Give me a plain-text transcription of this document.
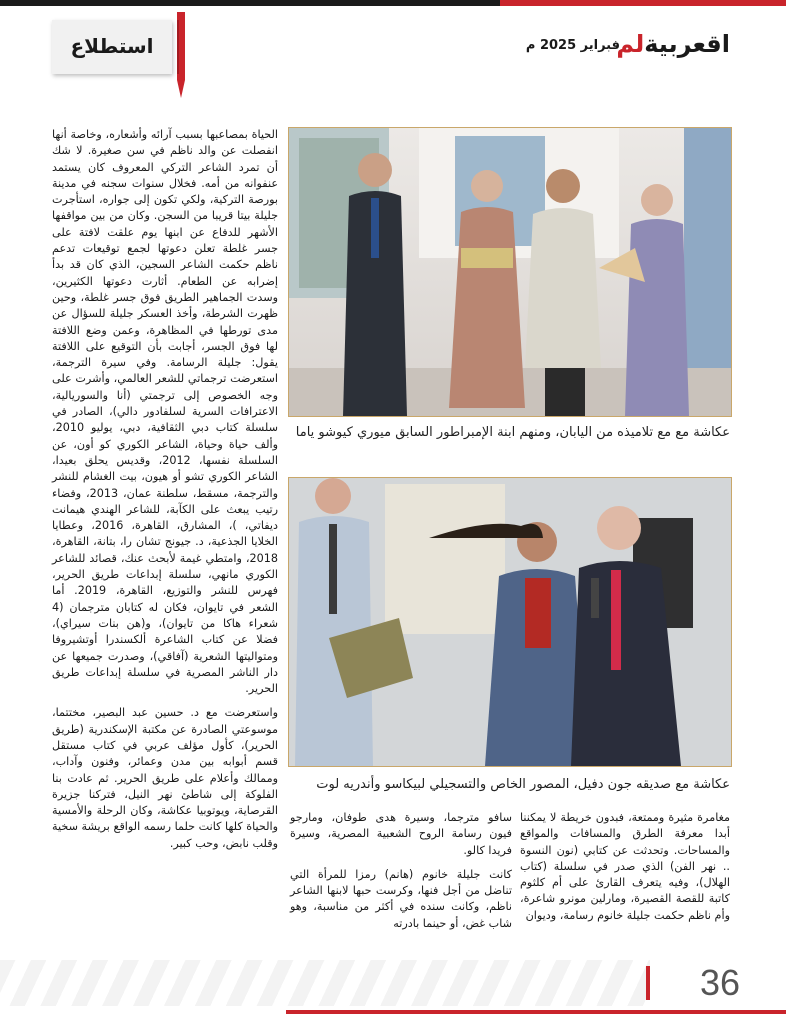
استطلاع	اقعربيةلم
فبراير 2025 م
عكاشة مع مع تلاميذه من اليابان، ومنهم ابنة الإمبراطور السابق ميوري كيوشو ياما
عكاشة مع صديقه جون دفيل، المصور الخاص والتسجيلي لبيكاسو وأندريه لوت

الحياة بمصاعبها بسبب آرائه وأشعاره، وخاصة أنها انفصلت عن والد ناظم في سن صغيرة. لا شك أن تمرد الشاعر التركي المعروف كان يستمد عنفوانه من أمه. فخلال سنوات سجنه في مدينة بورصة التركية، ولكي تكون إلى جواره، استأجرت جليلة بيتا قريبا من السجن. وكان من بين مواقفها الأشهر للدفاع عن ابنها يوم علقت لافتة على جسر غلطة تعلن دعوتها لجمع توقيعات تدعم ناظم حكمت الشاعر السجين، الذي كان قد بدأ إضرابه عن الطعام. أثارت دعوتها الكثيرين، وسدت الجماهير الطريق فوق جسر غلطة، وحين ظهرت الشرطة، وأخذ العسكر جليلة للسؤال عن مدى تورطها في المظاهرة، وعمن وضع اللافتة لها فوق الجسر، أجابت بأن التوقيع على اللافتة يقول: جليلة الرسامة. وفي سيرة الترجمة، استعرضت ترجماتي للشعر العالمي، وأشرت على وجه الخصوص إلى ترجمتي (أنا والسوريالية، الاعترافات السرية لسلفادور دالي)، الصادر في سلسلة كتاب دبي الثقافية، دبي، يوليو 2010، وألف حياة وحياة، الشاعر الكوري كو أون، عن السلسلة نفسها، 2012، وقديس يحلق بعيدا، الشاعر الكوري تشو أو هيون، بيت الغشام للنشر والترجمة، مسقط، سلطنة عمان، 2013، وفضاء رتيب يبعث على الكآبة، للشاعر الهندي هيمانت ديفاتي، )، المشارق، القاهرة، 2016، وعطايا الخلايا الجذعية، د. جيونج تشان را، بتانة، القاهرة، 2018، وامتطي غيمة لأبحث عنك، قصائد للشاعر الكوري مانهي، سلسلة إبداعات طريق الحرير، فهرس للنشر والتوزيع، القاهرة، 2019. أما الشعر في تايوان، فكان له كتابان مترجمان (4 شعراء هاكا من تايوان)، و(هن بنات سيراي)، فضلا عن كتاب الشاعرة ألكسندرا أوتشيروفا ومتواليتها الشعرية (آفاقي)، وصدرت جميعها عن دار الناشر المصرية في سلسلة إبداعات طريق الحرير.

واستعرضت مع د. حسين عبد البصير، مختتما، موسوعتي الصادرة عن مكتبة الإسكندرية (طريق الحرير)، كأول مؤلف عربي في كتاب مستقل قسم أبوابه بين مدن وعمائر، وفنون وآداب، وممالك وأعلام على طريق الحرير. ثم عادت بنا الفلوكة إلى شاطئ نهر النيل، فتركنا جزيرة القرصاية، ويوتوبيا عكاشة، وكان الرحلة والأمسية والحياة كلها كانت حلما رسمه الواقع بريشة سخية وقلب نابض، وحب كبير.

سافو مترجما، وسيرة هدى طوفان، ومارجو فيون رسامة الروح الشعبية المصرية، وسيرة فريدا كالو.

كانت جليلة خانوم (هانم) رمزا للمرأة التي تناضل من أجل فنها، وكرست حبها لابنها الشاعر ناظم، وكانت سنده في أكثر من مناسبة، وهو شاب غض، أو حينما بادرته

مغامرة مثيرة وممتعة، فبدون خريطة لا يمكننا أبدا معرفة الطرق والمسافات والمواقع والمساحات. وتحدثت عن كتابي (نون النسوة .. نهر الفن) الذي صدر في سلسلة (كتاب الهلال)، وفيه يتعرف القارئ على أم كلثوم كاتبة للقصة القصيرة، ومارلين مونرو شاعرة، وأم ناظم حكمت جليلة خانوم رسامة، وديوان

36
